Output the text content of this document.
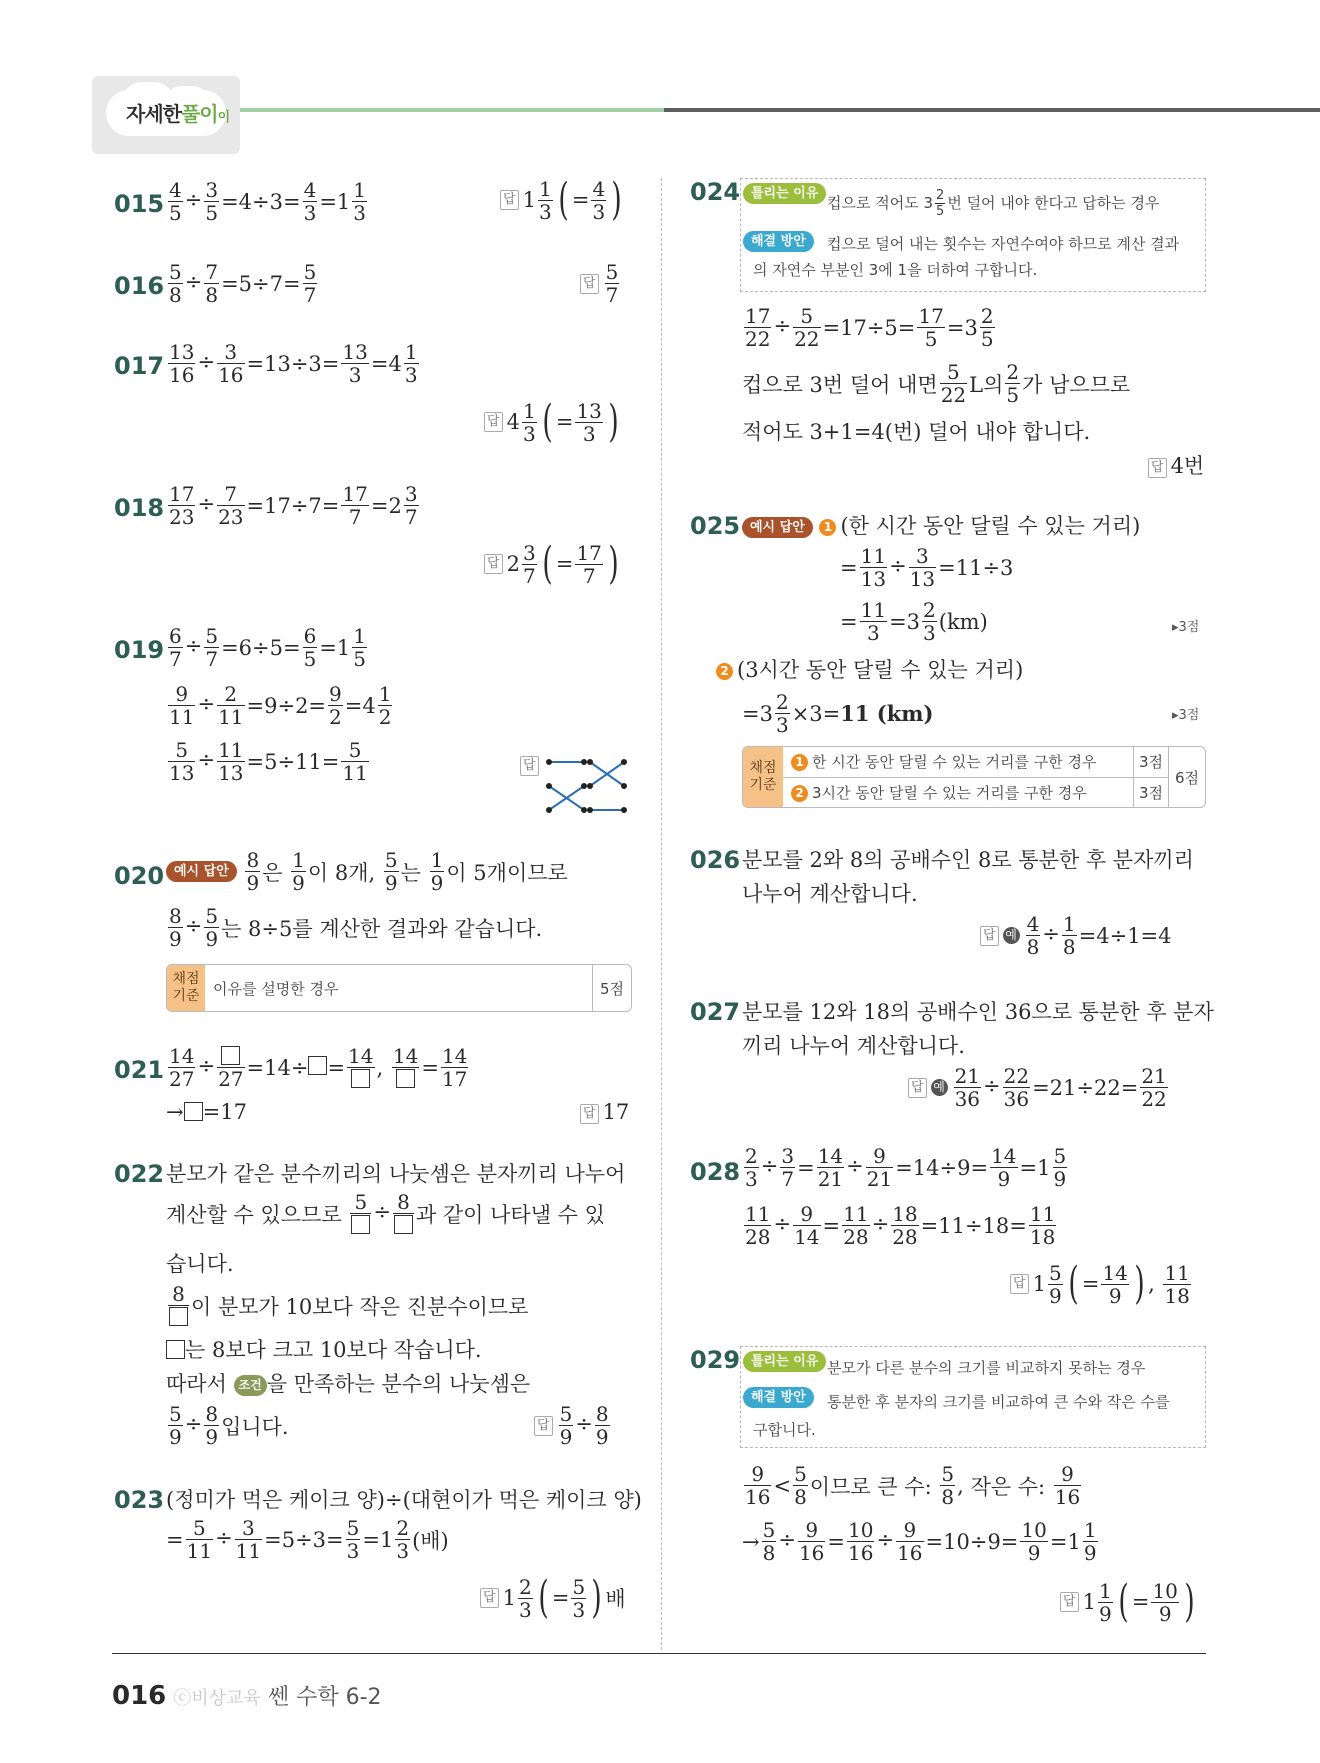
자세한풀이이
$015 \frac{4}{5} \div \frac{3}{5} =4\div 3= \frac{4}{3} =1 \frac{1}{3}$	답 $1 \frac{1}{3}$ ( = $\frac{4}{3}$ )
$016 \frac{5}{8} \div \frac{7}{8} =5\div 7= \frac{5}{7}$	답 $\frac{5}{7}$
$017 \frac{13}{16} \div \frac{3}{16} =13\div 3= \frac{13}{3} =4 \frac{1}{3}$
답 $4 \frac{1}{3}$ ( = $\frac{13}{3}$ )
$018 \frac{17}{23} \div \frac{7}{23} =17\div 7= \frac{17}{7} =2 \frac{3}{7}$
답 $2 \frac{3}{7}$ ( = $\frac{17}{7}$ )
$019 \frac{6}{7} \div \frac{5}{7} =6\div 5= \frac{6}{5} =1 \frac{1}{5}$
$\frac{9}{11} \div \frac{2}{11} =9\div 2= \frac{9}{2} =4 \frac{1}{2}$
$\frac{5}{13} \div \frac{11}{13} =5\div 11= \frac{5}{11}$	답
020 예시 답안 $\frac{8}{9}$ 은 $\frac{1}{9}$ 이 8개, $\frac{5}{9}$ 는 $\frac{1}{9}$ 이 5개이므로
$\frac{8}{9} \div \frac{5}{9}$ 는 8÷5를 계산한 결과와 같습니다.
채점 기준 이유를 설명한 경우	5점
$021 \frac{14}{27}$ ÷
27 =14÷ = 14 , $14 = \frac{14}{17}$
→ =17	답 17
022 분모가 같은 분수끼리의 나눗셈은 분자끼리 나누어
계산할 수 있으므로
5 ÷ 8
과 같이 나타낼 수 있
습니다.
8
이 분모가 10보다 작은 진분수이므로
는 8보다 크고 10보다 작습니다.
따라서 조건 을 만족하는 분수의 나눗셈은
$\frac{5}{9} \div \frac{8}{9}$ 입니다.	답 $\frac{5}{9} \div \frac{8}{9}$
023 (정미가 먹은 케이크 양)÷(대현이가 먹은 케이크 양)
= $\frac{5}{11} \div \frac{3}{11} =5\div 3= \frac{5}{3} =1 \frac{2}{3}$ (배)
답 $1 \frac{2}{3}$ ( = $\frac{5}{3}$ ) 배
024 틀리는 이유
컵으로 적어도 $3 \frac{2}{5}$ 번 덜어 내야 한다고 답하는 경우
해결 방안	컵으로 덜어 내는 횟수는 자연수여야 하므로 계산 결과
의 자연수 부분인 3에 1을 더하여 구합니다.
$\frac{17}{22} \div \frac{5}{22} =17\div 5= \frac{17}{5} =3 \frac{2}{5}$
컵으로 3번 덜어 내면 $\frac{5}{22}$ L의 $\frac{2}{5}$ 가 남으므로
적어도 3+1=4(번) 덜어 내야 합니다.
답 4번
025 예시 답안 1 (한 시간 동안 달릴 수 있는 거리)
= $\frac{11}{13} \div \frac{3}{13} =11\div 3$
= $\frac{11}{3} =3 \frac{2}{3} (km)$	▸3점
2 (3시간 동안 달릴 수 있는 거리)
$=3 \frac{2}{3} \times 3=11$ (km)	▸3점
채점 기준
1 한 시간 동안 달릴 수 있는 거리를 구한 경우	3점
2 3시간 동안 달릴 수 있는 거리를 구한 경우	3점
6점
026 분모를 2와 8의 공배수인 8로 통분한 후 분자끼리
나누어 계산합니다.
답 예 $\frac{4}{8} \div \frac{1}{8} =4\div 1=4$
027 분모를 12와 18의 공배수인 36으로 통분한 후 분자
끼리 나누어 계산합니다.
답 예 $\frac{21}{36} \div \frac{22}{36} =21\div 22= \frac{21}{22}$
$028 \frac{2}{3} \div \frac{3}{7} = \frac{14}{21} \div \frac{9}{21} =14\div 9= \frac{14}{9} =1 \frac{5}{9}$
$\frac{11}{28} \div \frac{9}{14} = \frac{11}{28} \div \frac{18}{28} =11\div 18= \frac{11}{18}$
답 $1 \frac{5}{9}$ ( = $\frac{14}{9}$ ) , $\frac{11}{18}$
029 틀리는 이유 분모가 다른 분수의 크기를 비교하지 못하는 경우
해결 방안	통분한 후 분자의 크기를 비교하여 큰 수와 작은 수를
구합니다.
$\frac{9}{16} < \frac{5}{8}$ 이므로 큰 수: $\frac{5}{8}$ , 작은 수: $\frac{9}{16}$
→ $\frac{5}{8} \div \frac{9}{16} = \frac{10}{16} \div \frac{9}{16} =10\div 9= \frac{10}{9} =1 \frac{1}{9}$
답 $1 \frac{1}{9}$ ( = $\frac{10}{9}$ )
016 ⓒ비상교육 쎈 수학 6-2
